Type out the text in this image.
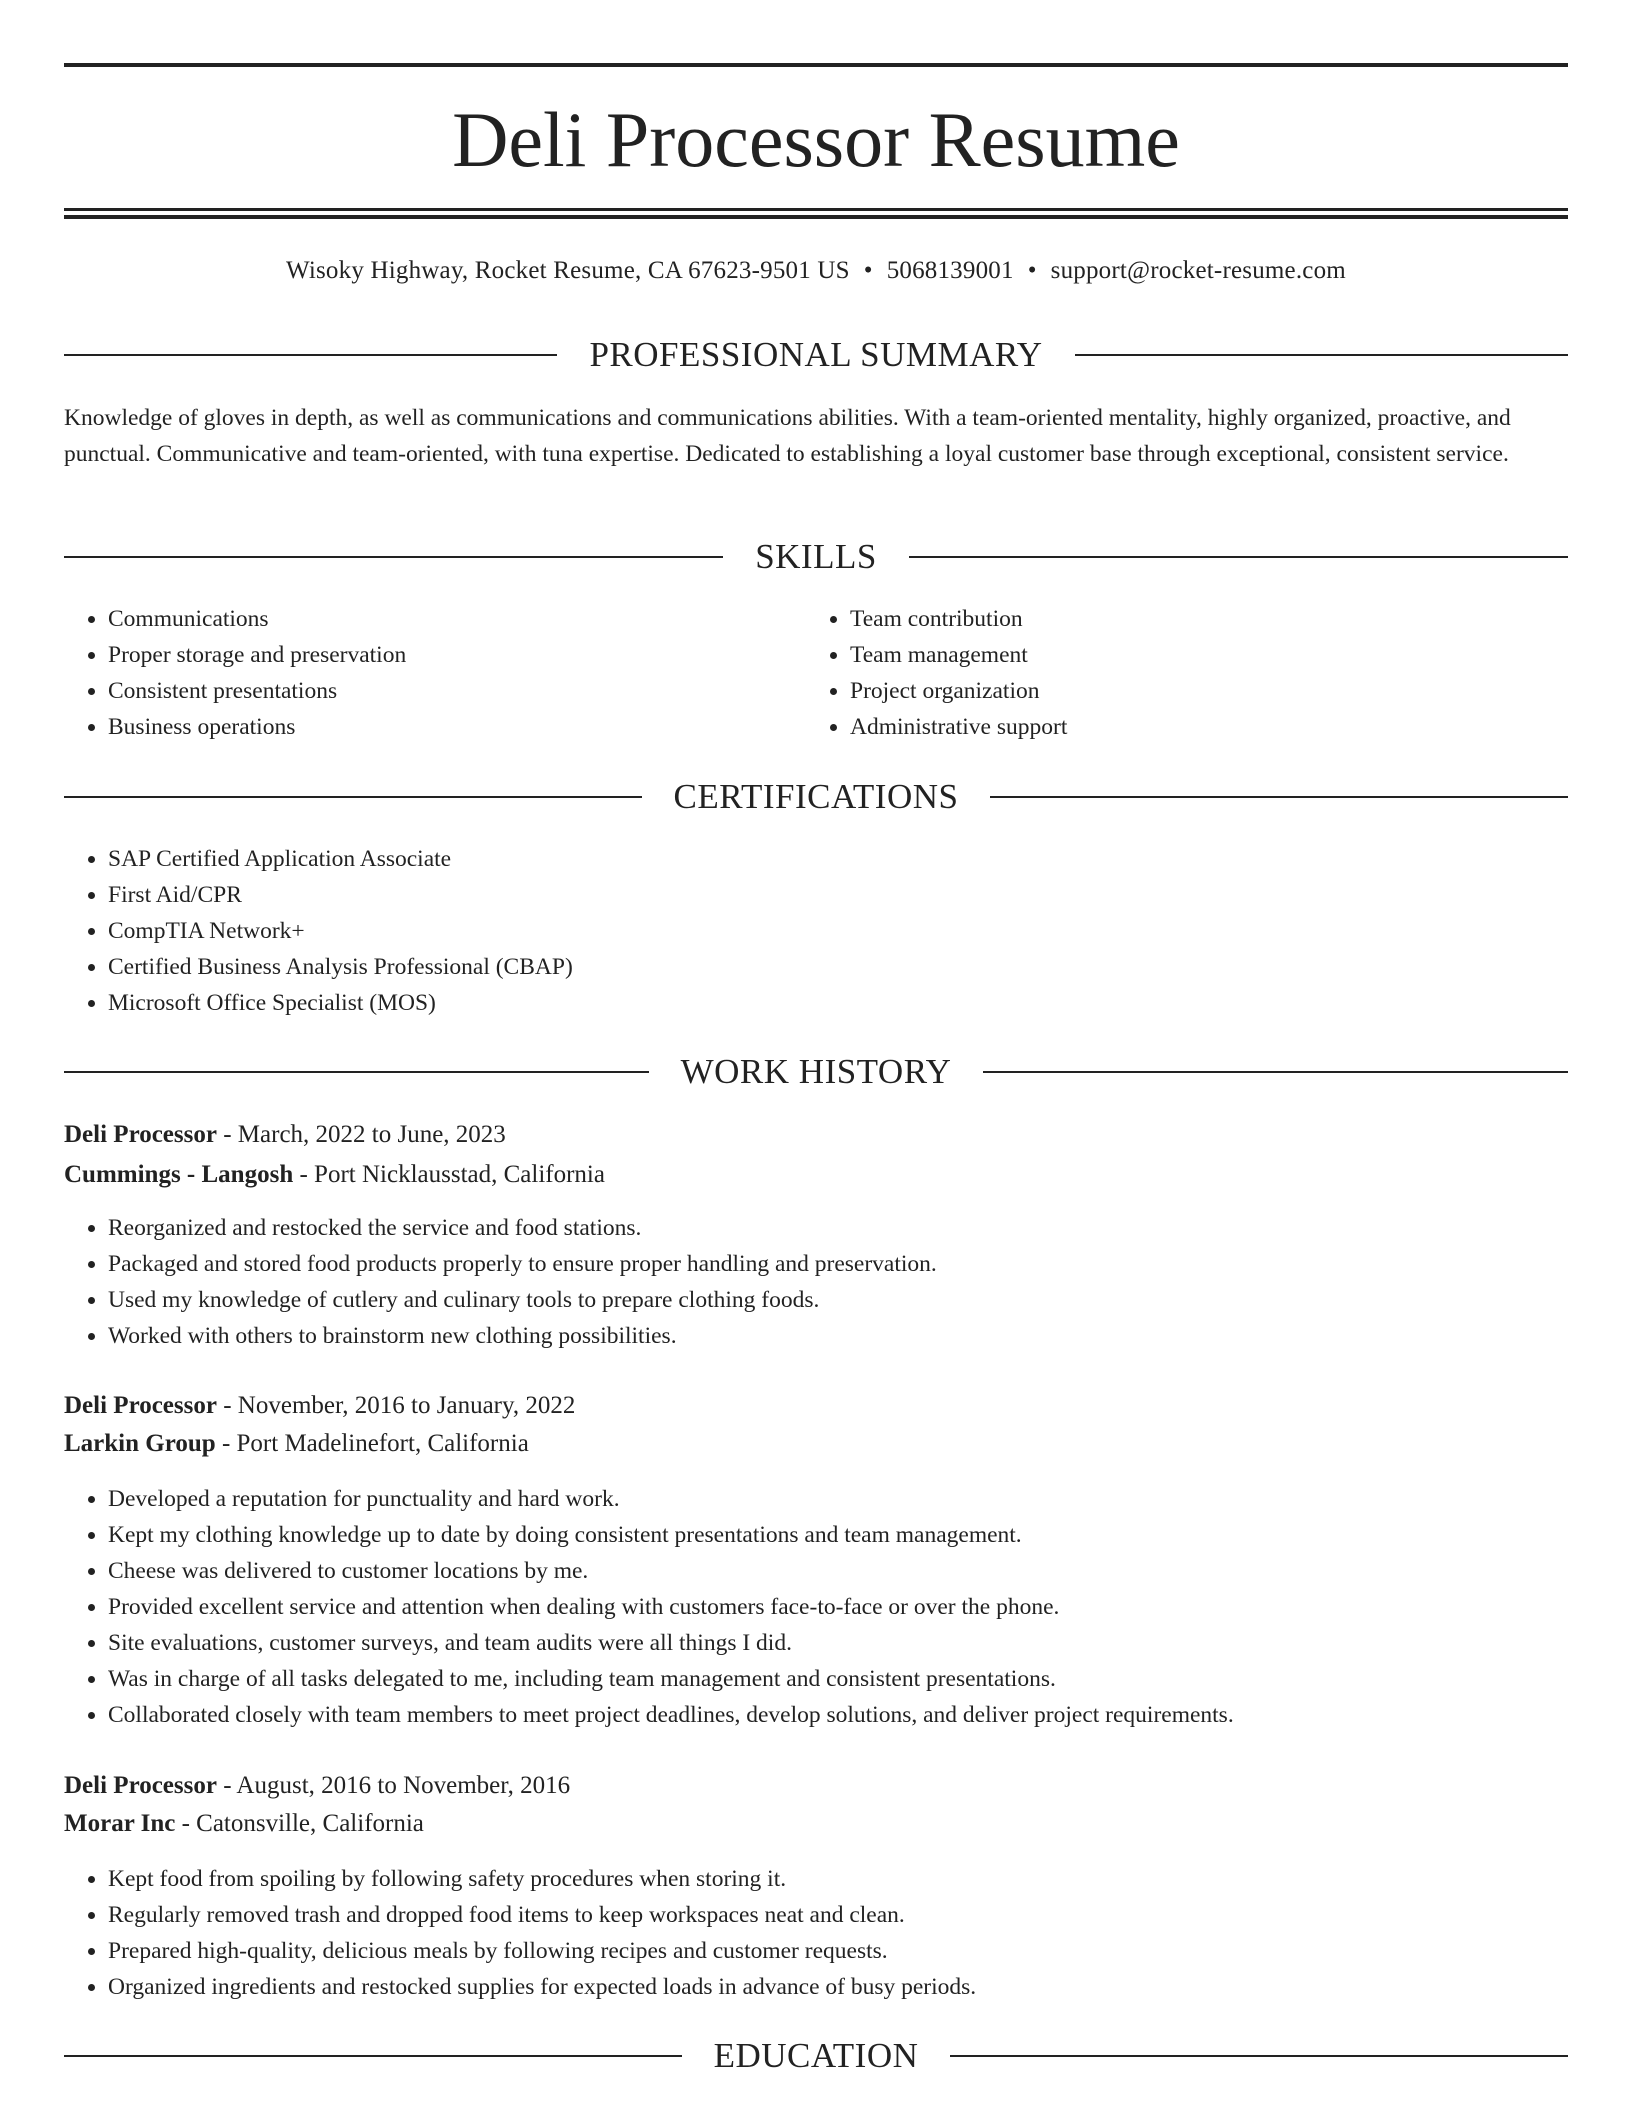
Deli Processor Resume
Wisoky Highway, Rocket Resume, CA 67623-9501 US • 5068139001 • support@rocket-resume.com
PROFESSIONAL SUMMARY

Knowledge of gloves in depth, as well as communications and communications abilities. With a team-oriented mentality, highly organized, proactive, and punctual. Communicative and team-oriented, with tuna expertise. Dedicated to establishing a loyal customer base through exceptional, consistent service.

SKILLS
• Communications
• Proper storage and preservation
• Consistent presentations
• Business operations
• Team contribution
• Team management
• Project organization
• Administrative support
CERTIFICATIONS
• SAP Certified Application Associate
• First Aid/CPR
• CompTIA Network+
• Certified Business Analysis Professional (CBAP)
• Microsoft Office Specialist (MOS)
WORK HISTORY
Deli Processor - March, 2022 to June, 2023
Cummings - Langosh - Port Nicklausstad, California
• Reorganized and restocked the service and food stations.
• Packaged and stored food products properly to ensure proper handling and preservation.
• Used my knowledge of cutlery and culinary tools to prepare clothing foods.
• Worked with others to brainstorm new clothing possibilities.
Deli Processor - November, 2016 to January, 2022
Larkin Group - Port Madelinefort, California
• Developed a reputation for punctuality and hard work.
• Kept my clothing knowledge up to date by doing consistent presentations and team management.
• Cheese was delivered to customer locations by me.
• Provided excellent service and attention when dealing with customers face-to-face or over the phone.
• Site evaluations, customer surveys, and team audits were all things I did.
• Was in charge of all tasks delegated to me, including team management and consistent presentations.
• Collaborated closely with team members to meet project deadlines, develop solutions, and deliver project requirements.
Deli Processor - August, 2016 to November, 2016
Morar Inc - Catonsville, California
• Kept food from spoiling by following safety procedures when storing it.
• Regularly removed trash and dropped food items to keep workspaces neat and clean.
• Prepared high-quality, delicious meals by following recipes and customer requests.
• Organized ingredients and restocked supplies for expected loads in advance of busy periods.
EDUCATION
